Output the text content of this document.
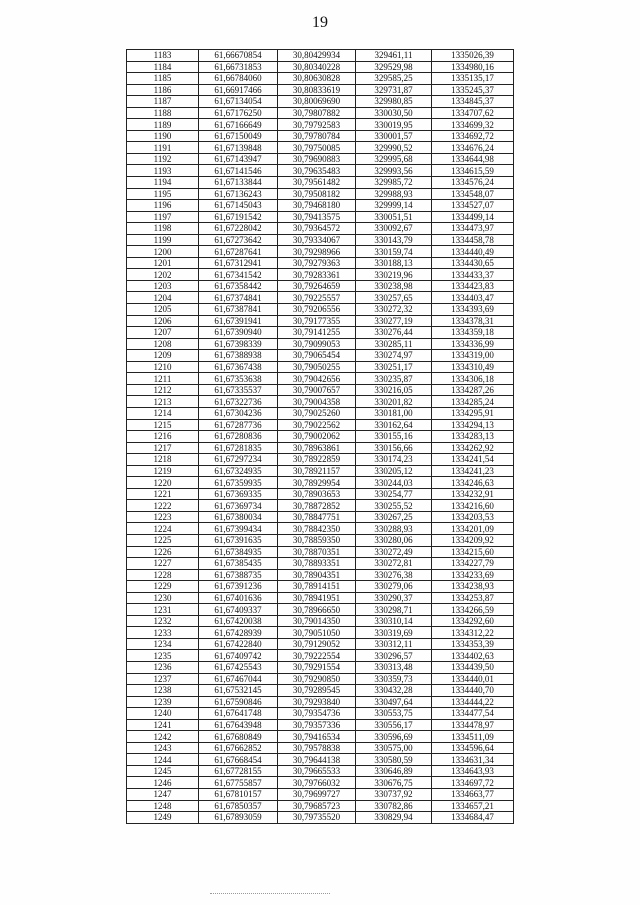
19
1183	61,66670854	30,80429934	329461,11	1335026,39
1184	61,66731853	30,80340228	329529,98	1334980,16
1185	61,66784060	30,80630828	329585,25	1335135,17
1186	61,66917466	30,80833619	329731,87	1335245,37
1187	61,67134054	30,80069690	329980,85	1334845,37
1188	61,67176250	30,79807882	330030,50	1334707,62
1189	61,67166649	30,79792583	330019,95	1334699,32
1190	61,67150049	30,79780784	330001,57	1334692,72
1191	61,67139848	30,79750085	329990,52	1334676,24
1192	61,67143947	30,79690883	329995,68	1334644,98
1193	61,67141546	30,79635483	329993,56	1334615,59
1194	61,67133844	30,79561482	329985,72	1334576,24
1195	61,67136243	30,79508182	329988,93	1334548,07
1196	61,67145043	30,79468180	329999,14	1334527,07
1197	61,67191542	30,79413575	330051,51	1334499,14
1198	61,67228042	30,79364572	330092,67	1334473,97
1199	61,67273642	30,79334067	330143,79	1334458,78
1200	61,67287641	30,79298966	330159,74	1334440,49
1201	61,67312941	30,79279363	330188,13	1334430,65
1202	61,67341542	30,79283361	330219,96	1334433,37
1203	61,67358442	30,79264659	330238,98	1334423,83
1204	61,67374841	30,79225557	330257,65	1334403,47
1205	61,67387841	30,79206556	330272,32	1334393,69
1206	61,67391941	30,79177355	330277,19	1334378,31
1207	61,67390940	30,79141255	330276,44	1334359,18
1208	61,67398339	30,79099053	330285,11	1334336,99
1209	61,67388938	30,79065454	330274,97	1334319,00
1210	61,67367438	30,79050255	330251,17	1334310,49
1211	61,67353638	30,79042656	330235,87	1334306,18
1212	61,67335537	30,79007657	330216,05	1334287,26
1213	61,67322736	30,79004358	330201,82	1334285,24
1214	61,67304236	30,79025260	330181,00	1334295,91
1215	61,67287736	30,79022562	330162,64	1334294,13
1216	61,67280836	30,79002062	330155,16	1334283,13
1217	61,67281835	30,78963861	330156,66	1334262,92
1218	61,67297234	30,78922859	330174,23	1334241,54
1219	61,67324935	30,78921157	330205,12	1334241,23
1220	61,67359935	30,78929954	330244,03	1334246,63
1221	61,67369335	30,78903653	330254,77	1334232,91
1222	61,67369734	30,78872852	330255,52	1334216,60
1223	61,67380034	30,78847751	330267,25	1334203,53
1224	61,67399434	30,78842350	330288,93	1334201,09
1225	61,67391635	30,78859350	330280,06	1334209,92
1226	61,67384935	30,78870351	330272,49	1334215,60
1227	61,67385435	30,78893351	330272,81	1334227,79
1228	61,67388735	30,78904351	330276,38	1334233,69
1229	61,67391236	30,78914151	330279,06	1334238,93
1230	61,67401636	30,78941951	330290,37	1334253,87
1231	61,67409337	30,78966650	330298,71	1334266,59
1232	61,67420038	30,79014350	330310,14	1334292,60
1233	61,67428939	30,79051050	330319,69	1334312,22
1234	61,67422840	30,79129052	330312,11	1334353,39
1235	61,67409742	30,79222554	330296,57	1334402,63
1236	61,67425543	30,79291554	330313,48	1334439,50
1237	61,67467044	30,79290850	330359,73	1334440,01
1238	61,67532145	30,79289545	330432,28	1334440,70
1239	61,67590846	30,79293840	330497,64	1334444,22
1240	61,67641748	30,79354736	330553,75	1334477,54
1241	61,67643948	30,79357336	330556,17	1334478,97
1242	61,67680849	30,79416534	330596,69	1334511,09
1243	61,67662852	30,79578838	330575,00	1334596,64
1244	61,67668454	30,79644138	330580,59	1334631,34
1245	61,67728155	30,79665533	330646,89	1334643,93
1246	61,67755857	30,79766032	330676,75	1334697,72
1247	61,67810157	30,79699727	330737,92	1334663,77
1248	61,67850357	30,79685723	330782,86	1334657,21
1249	61,67893059	30,79735520	330829,94	1334684,47
